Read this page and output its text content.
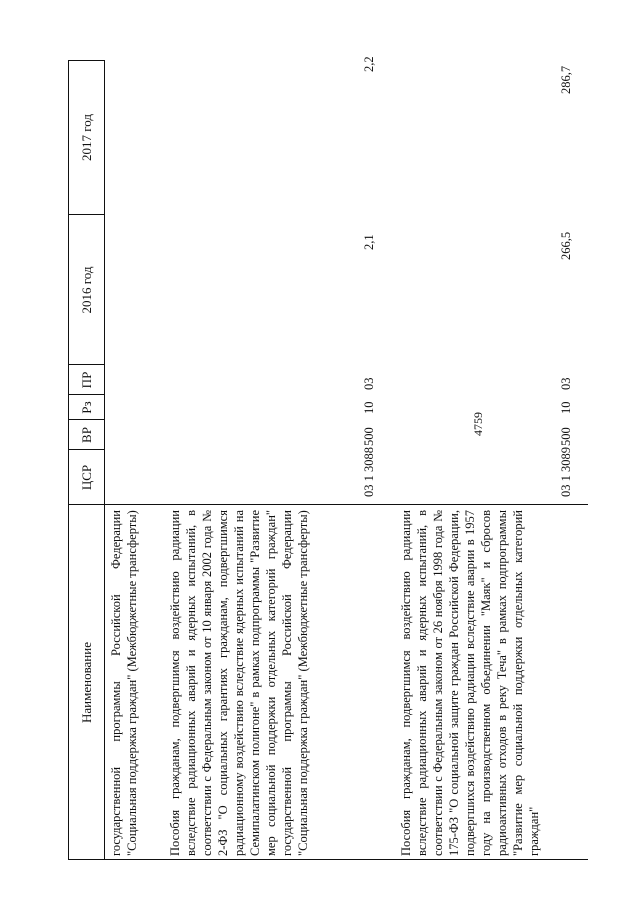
4759
Наименование
ЦСР
ВР
Рз
ПР
2016 год
2017 год
государственной программы Российской Федерации "Социальная поддержка граждан" (Межбюджетные трансферты) Пособия гражданам, подвергшимся воздействию радиации вследствие радиационных аварий и ядерных испытаний, в соответствии с Федеральным законом от 10 января 2002 года № 2-ФЗ "О социальных гарантиях гражданам, подвергшимся радиационному воздействию вследствие ядерных испытаний на Семипалатинском полигоне" в рамках подпрограммы "Развитие мер социальной поддержки отдельных категорий граждан" государственной программы Российской Федерации "Социальная поддержка граждан" (Межбюджетные трансферты)
03 1 3088
500
10
03
2,1
2,2
Пособия гражданам, подвергшимся воздействию радиации вследствие радиационных аварий и ядерных испытаний, в соответствии с Федеральным законом от 26 ноября 1998 года № 175-ФЗ "О социальной защите граждан Российской Федерации, подвергшихся воздействию радиации вследствие аварии в 1957 году на производственном объединении "Маяк" и сбросов радиоактивных отходов в реку Теча" в рамках подпрограммы "Развитие мер социальной поддержки отдельных категорий граждан"
03 1 3089
500
10
03
266,5
286,7
